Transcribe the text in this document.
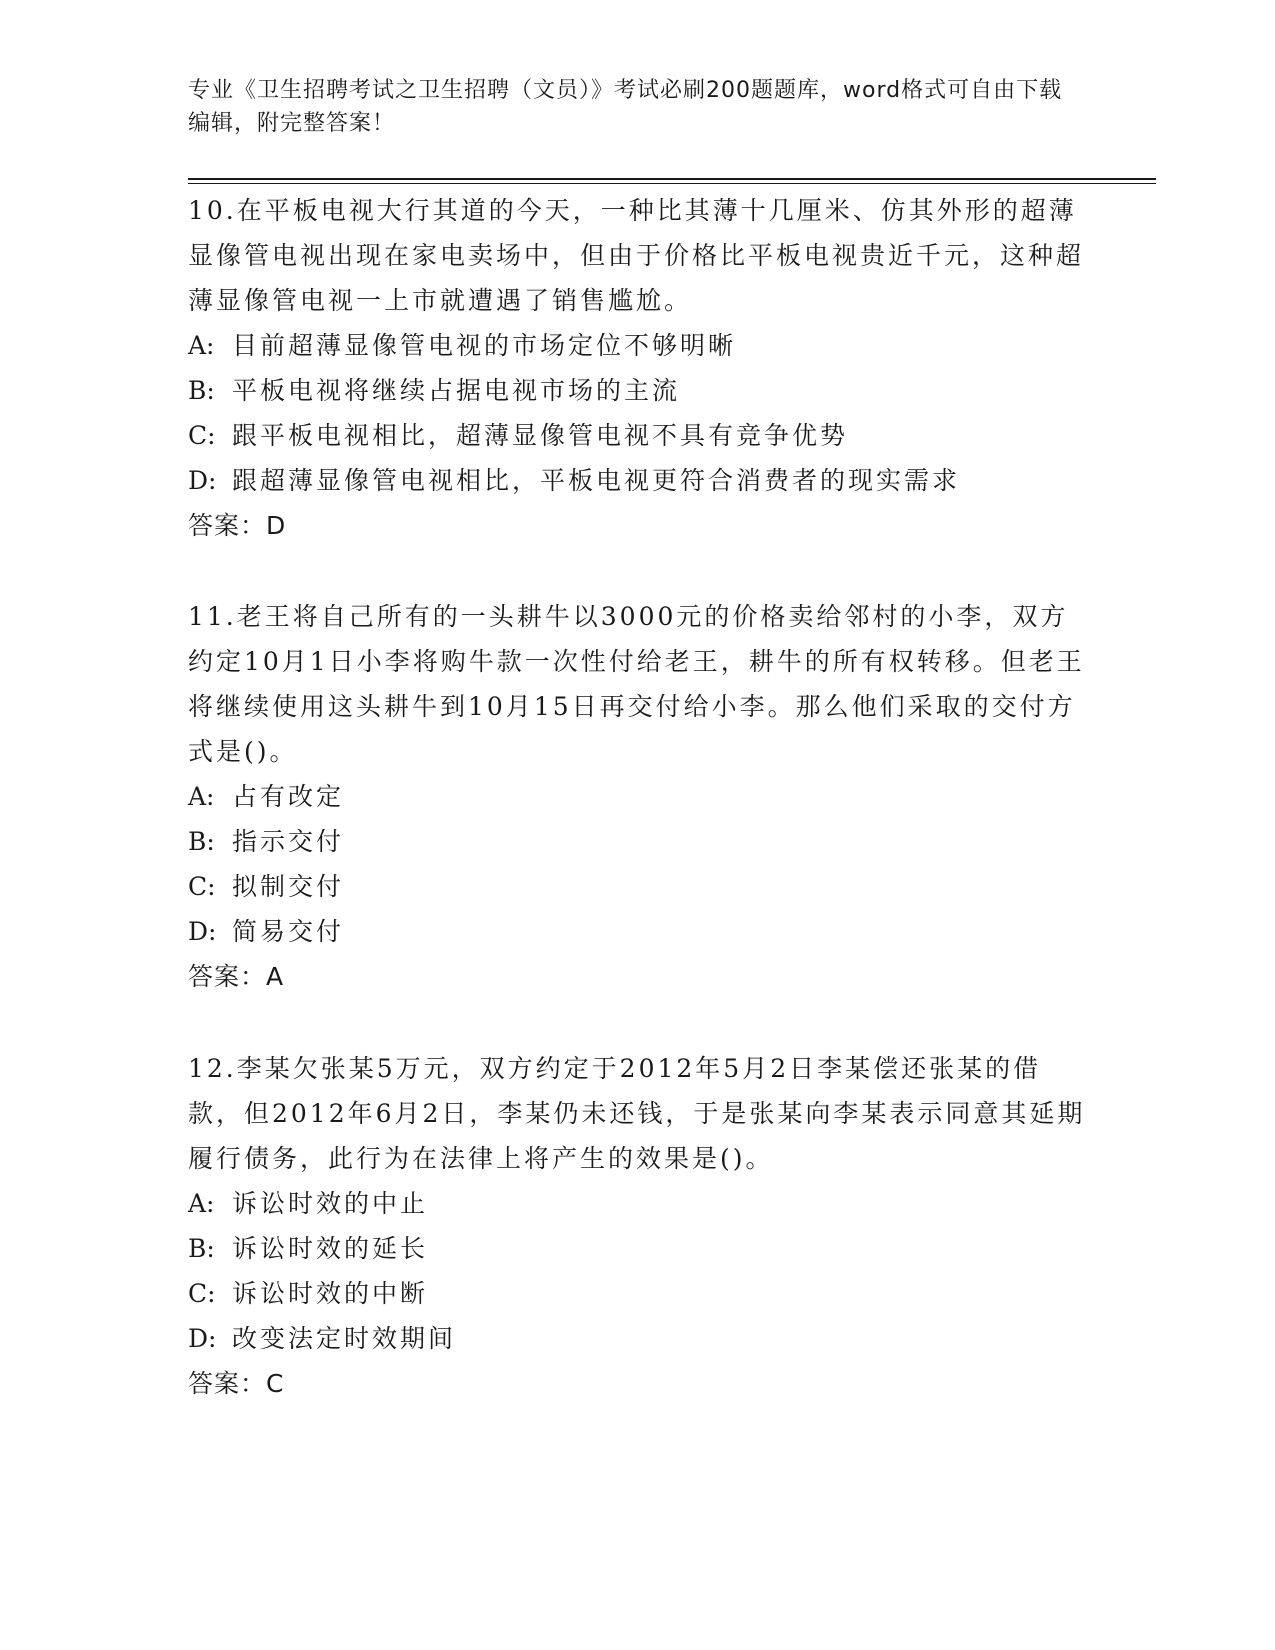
专业《卫生招聘考试之卫生招聘（文员）》考试必刷200题题库，word格式可自由下载编辑，附完整答案！

10.在平板电视大行其道的今天，一种比其薄十几厘米、仿其外形的超薄显像管电视出现在家电卖场中，但由于价格比平板电视贵近千元，这种超薄显像管电视一上市就遭遇了销售尴尬。

A: 目前超薄显像管电视的市场定位不够明晰

B: 平板电视将继续占据电视市场的主流

C: 跟平板电视相比，超薄显像管电视不具有竞争优势

D: 跟超薄显像管电视相比，平板电视更符合消费者的现实需求

答案：D

11.老王将自己所有的一头耕牛以3000元的价格卖给邻村的小李，双方约定10月1日小李将购牛款一次性付给老王，耕牛的所有权转移。但老王将继续使用这头耕牛到10月15日再交付给小李。那么他们采取的交付方式是()。

A: 占有改定

B: 指示交付

C: 拟制交付

D: 简易交付

答案：A

12.李某欠张某5万元，双方约定于2012年5月2日李某偿还张某的借款，但2012年6月2日，李某仍未还钱，于是张某向李某表示同意其延期履行债务，此行为在法律上将产生的效果是()。

A: 诉讼时效的中止

B: 诉讼时效的延长

C: 诉讼时效的中断

D: 改变法定时效期间

答案：C
